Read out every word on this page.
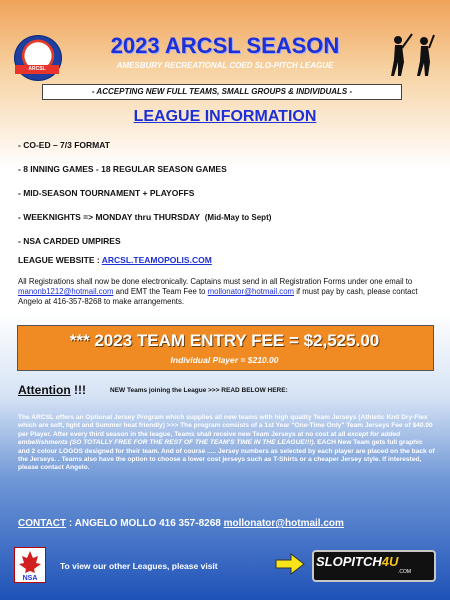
ARCSL
2023 ARCSL SEASON
AMESBURY RECREATIONAL COED SLO-PITCH LEAGUE
- ACCEPTING NEW FULL TEAMS, SMALL GROUPS & INDIVIDUALS -
LEAGUE INFORMATION
- CO-ED – 7/3 FORMAT
- 8 INNING GAMES - 18 REGULAR SEASON GAMES
- MID-SEASON TOURNAMENT + PLAYOFFS
- WEEKNIGHTS => MONDAY thru THURSDAY (Mid-May to Sept)
- NSA CARDED UMPIRES
LEAGUE WEBSITE : ARCSL.TEAMOPOLIS.COM
All Registrations shall now be done electronically. Captains must send in all Registration Forms under one email to manonb1212@hotmail.com and EMT the Team Fee to mollonator@hotmail.com if must pay by cash, please contact Angelo at 416-357-8268 to make arrangements.
*** 2023 TEAM ENTRY FEE = $2,525.00
Individual Player = $210.00
Attention !!!	NEW Teams joining the League >>> READ BELOW HERE:
The ARCSL offers an Optional Jersey Program which supplies all new teams with high quality Team Jerseys (Athletic Knit Dry-Flex which are soft, light and Summer heat friendly) >>> The program consists of a 1st Year "One-Time Only" Team Jerseys Fee of $40.00 per Player. After every third season in the league, Teams shall receive new Team Jerseys at no cost at all except for added embellishments (SO TOTALLY FREE FOR THE REST OF THE TEAM'S TIME IN THE LEAGUE!!!). EACH New Team gets full graphic and 2 colour LOGOS designed for their team. And of course ..... Jersey numbers as selected by each player are placed on the back of the Jerseys. . Teams also have the option to choose a lower cost jerseys such as T-Shirts or a cheaper Jersey style. If interested, please contact Angelo.
CONTACT : ANGELO MOLLO 416 357-8268 mollonator@hotmail.com
NSA
To view our other Leagues, please visit	SLOPITCH4U
.COM
